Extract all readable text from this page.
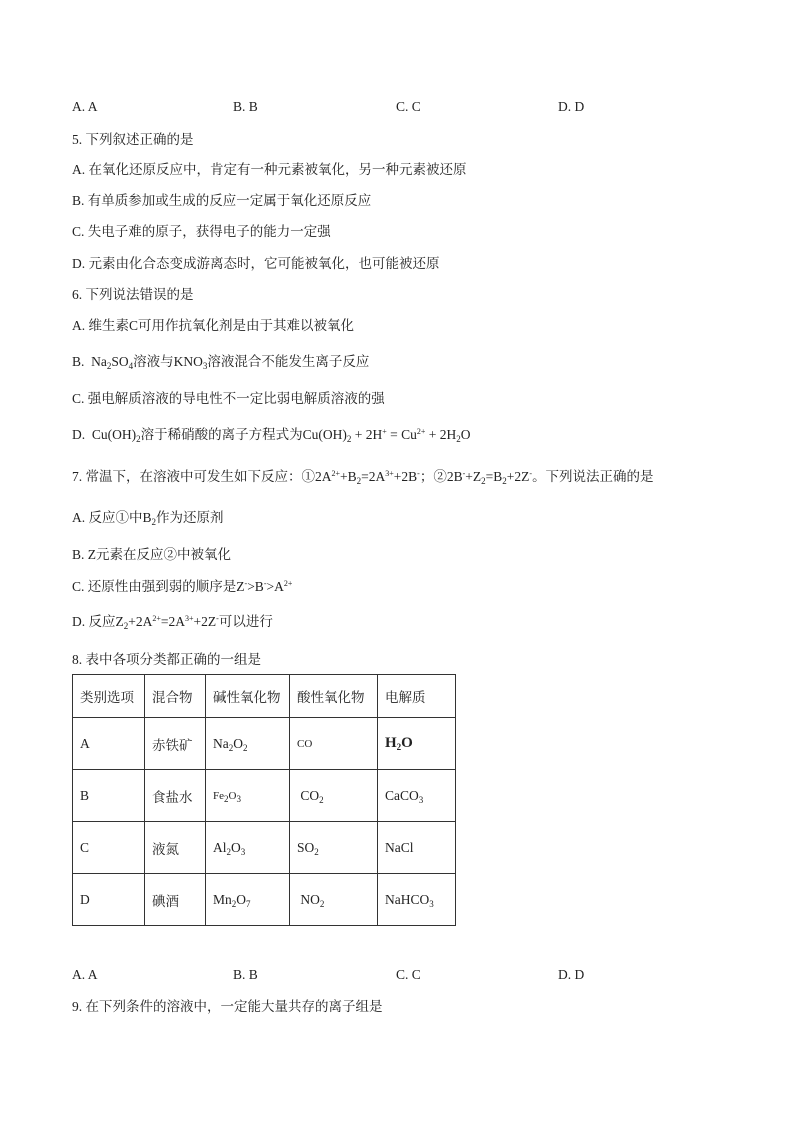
A. A	B. B	C. C	D. D
5. 下列叙述正确的是
A. 在氧化还原反应中，肯定有一种元素被氧化，另一种元素被还原
B. 有单质参加或生成的反应一定属于氧化还原反应
C. 失电子难的原子，获得电子的能力一定强
D. 元素由化合态变成游离态时，它可能被氧化，也可能被还原
6. 下列说法错误的是
A. 维生素C可用作抗氧化剂是由于其难以被氧化
B.  $Na_2SO_4$溶液与$KNO_3$溶液混合不能发生离子反应
C. 强电解质溶液的导电性不一定比弱电解质溶液的强
D.  $Cu(OH)_2$溶于稀硝酸的离子方程式为$Cu(OH)_2 + 2H^+ = Cu^{2+} + 2H_2O$
7. 常温下，在溶液中可发生如下反应：$①2A^{2+}+B_2=2A^{3+}+2B^-$；$②2B^-+Z_2=B_2+2Z^-$。下列说法正确的是
A. 反应①中$B_2$作为还原剂
B. Z元素在反应②中被氧化
C. 还原性由强到弱的顺序是$Z^->B^->A^{2+}$
D. 反应$Z_2+2A^{2+}=2A^{3+}+2Z^-$可以进行
8. 表中各项分类都正确的一组是
类别选项	混合物	碱性氧化物	酸性氧化物	电解质
A	赤铁矿	$Na_2O_2$	CO	$H_2O$
B	食盐水	$Fe_2O_3$	$CO_2$	CaCO$_3$
C	液氮	$Al_2O_3$	$SO_2$	NaCl
D	碘酒	$Mn_2O_7$	$NO_2$	NaHCO$_3$
A. A	B. B	C. C	D. D
9. 在下列条件的溶液中，一定能大量共存的离子组是
